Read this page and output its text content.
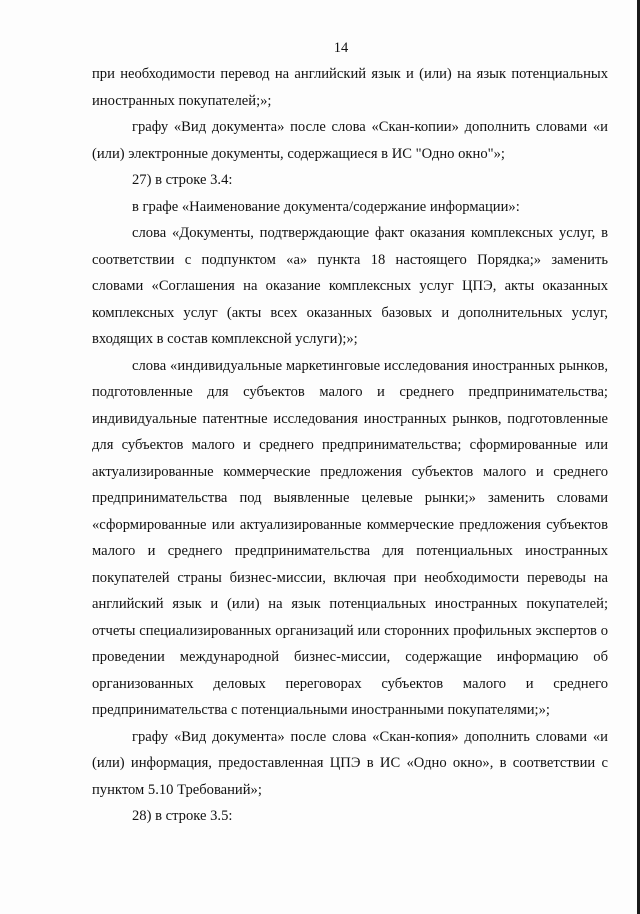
14

при необходимости перевод на английский язык и (или) на язык потенциальных иностранных покупателей;»;

графу «Вид документа» после слова «Скан-копии» дополнить словами «и (или) электронные документы, содержащиеся в ИС "Одно окно"»;

27) в строке 3.4:

в графе «Наименование документа/содержание информации»:

слова «Документы, подтверждающие факт оказания комплексных услуг, в соответствии с подпунктом «а» пункта 18 настоящего Порядка;» заменить словами «Соглашения на оказание комплексных услуг ЦПЭ, акты оказанных комплексных услуг (акты всех оказанных базовых и дополнительных услуг, входящих в состав комплексной услуги);»;

слова «индивидуальные маркетинговые исследования иностранных рынков, подготовленные для субъектов малого и среднего предпринимательства; индивидуальные патентные исследования иностранных рынков, подготовленные для субъектов малого и среднего предпринимательства; сформированные или актуализированные коммерческие предложения субъектов малого и среднего предпринимательства под выявленные целевые рынки;» заменить словами «сформированные или актуализированные коммерческие предложения субъектов малого и среднего предпринимательства для потенциальных иностранных покупателей страны бизнес-миссии, включая при необходимости переводы на английский язык и (или) на язык потенциальных иностранных покупателей; отчеты специализированных организаций или сторонних профильных экспертов о проведении международной бизнес-миссии, содержащие информацию об организованных деловых переговорах субъектов малого и среднего предпринимательства с потенциальными иностранными покупателями;»;

графу «Вид документа» после слова «Скан-копия» дополнить словами «и (или) информация, предоставленная ЦПЭ в ИС «Одно окно», в соответствии с пунктом 5.10 Требований»;

28) в строке 3.5:
